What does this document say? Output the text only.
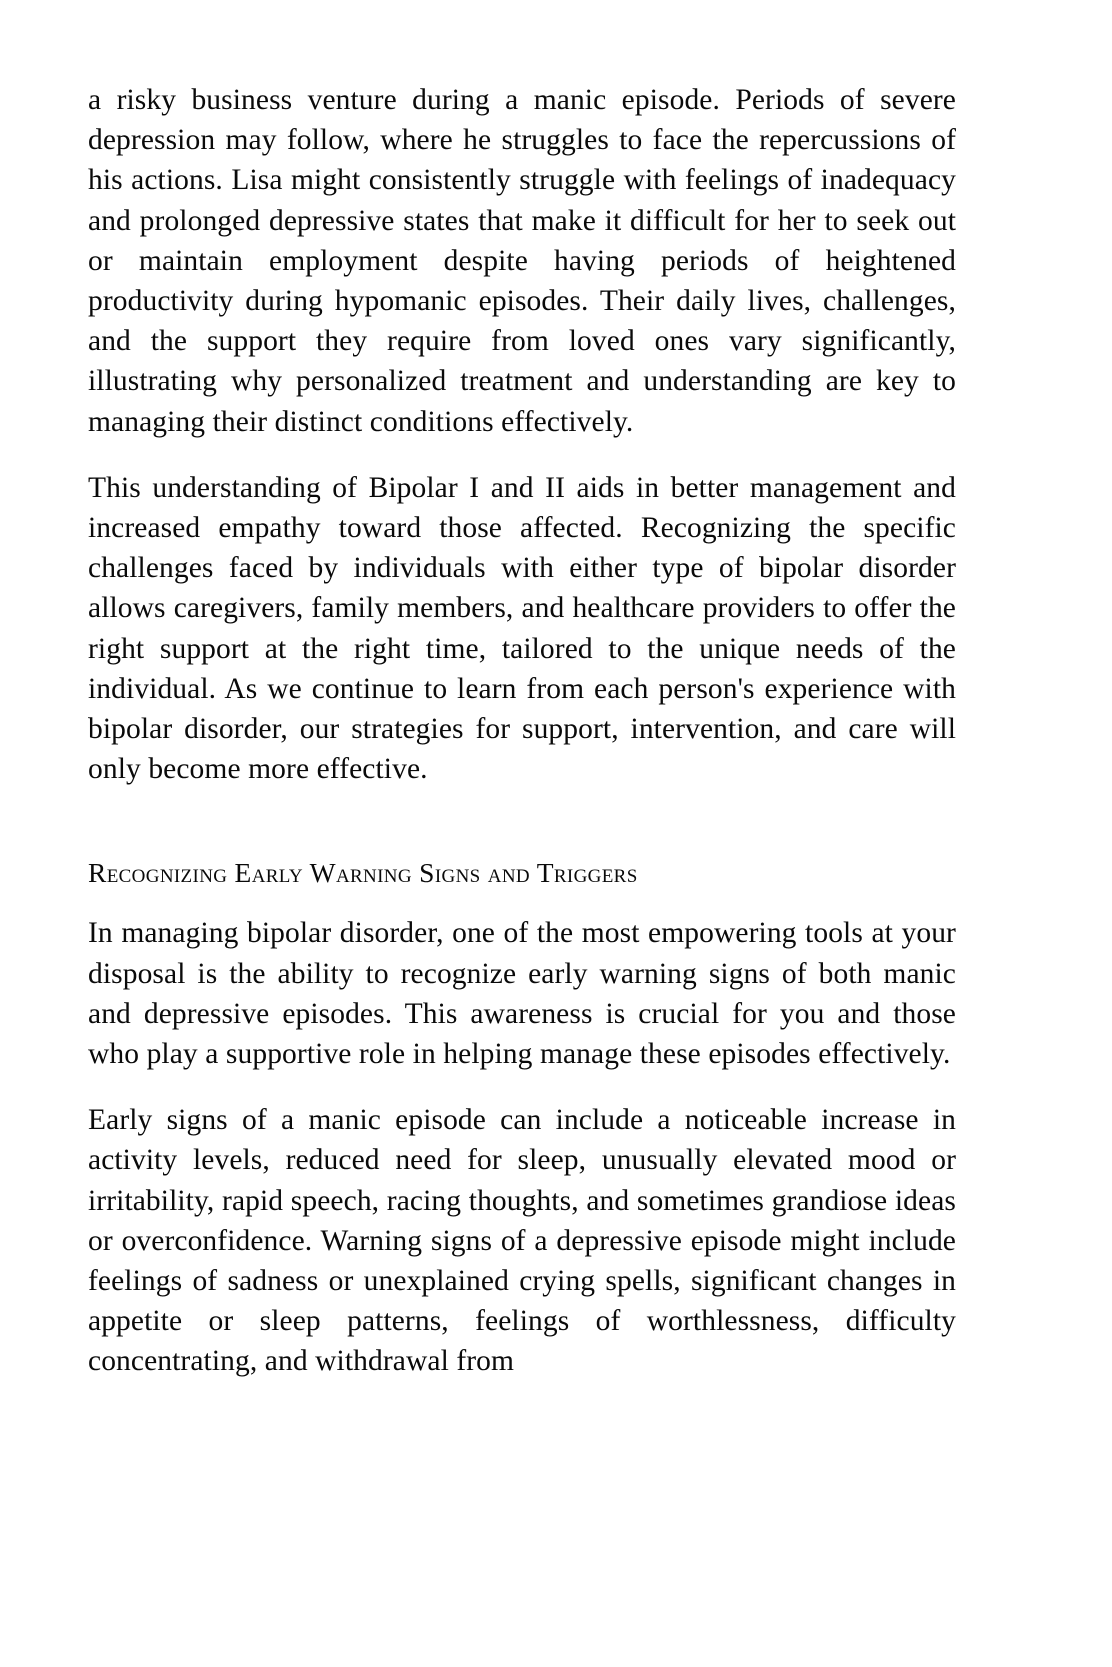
a risky business venture during a manic episode. Periods of severe depression may follow, where he struggles to face the repercussions of his actions. Lisa might consistently struggle with feelings of inadequacy and prolonged depressive states that make it difficult for her to seek out or maintain employment despite having periods of heightened productivity during hypomanic episodes. Their daily lives, challenges, and the support they require from loved ones vary significantly, illustrating why personalized treatment and understanding are key to managing their distinct conditions effectively.

This understanding of Bipolar I and II aids in better management and increased empathy toward those affected. Recognizing the specific challenges faced by individuals with either type of bipolar disorder allows caregivers, family members, and healthcare providers to offer the right support at the right time, tailored to the unique needs of the individual. As we continue to learn from each person's experience with bipolar disorder, our strategies for support, intervention, and care will only become more effective.

Recognizing Early Warning Signs and Triggers

In managing bipolar disorder, one of the most empowering tools at your disposal is the ability to recognize early warning signs of both manic and depressive episodes. This awareness is crucial for you and those who play a supportive role in helping manage these episodes effectively.

Early signs of a manic episode can include a noticeable increase in activity levels, reduced need for sleep, unusually elevated mood or irritability, rapid speech, racing thoughts, and sometimes grandiose ideas or overconfidence. Warning signs of a depressive episode might include feelings of sadness or unexplained crying spells, significant changes in appetite or sleep patterns, feelings of worthlessness, difficulty concentrating, and withdrawal from
